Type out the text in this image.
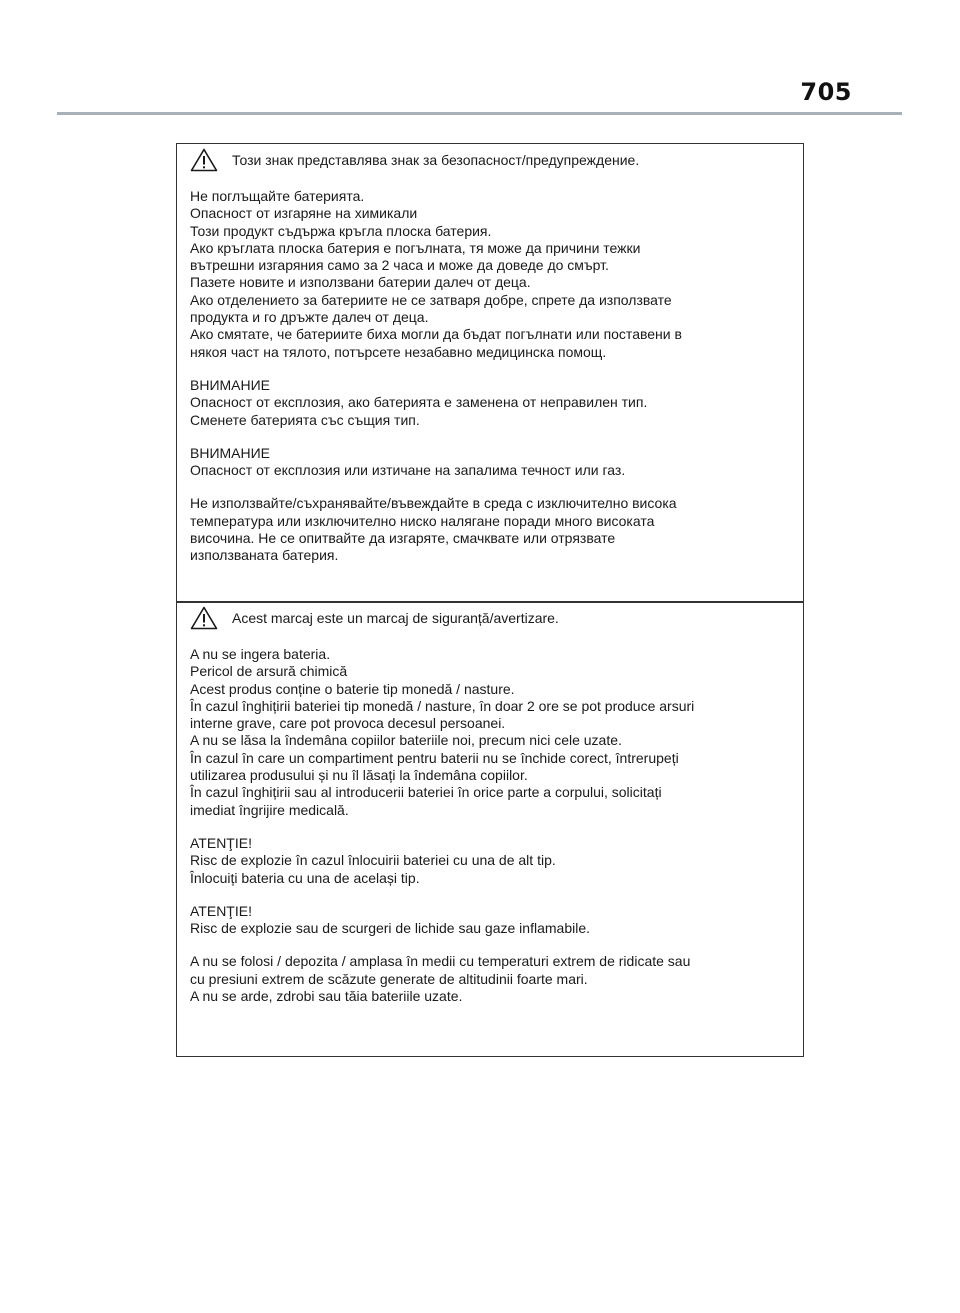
705
Този знак представлява знак за безопасност/предупреждение.

Не поглъщайте батерията.
Опасност от изгаряне на химикали
Този продукт съдържа кръгла плоска батерия.
Ако кръглата плоска батерия е погълната, тя може да причини тежки
вътрешни изгаряния само за 2 часа и може да доведе до смърт.
Пазете новите и използвани батерии далеч от деца.
Ако отделението за батериите не се затваря добре, спрете да използвате
продукта и го дръжте далеч от деца.
Ако смятате, че батериите биха могли да бъдат погълнати или поставени в
някоя част на тялото, потърсете незабавно медицинска помощ.

ВНИМАНИЕ

Опасност от експлозия, ако батерията е заменена от неправилен тип.
Сменете батерията със същия тип.

ВНИМАНИЕ

Опасност от експлозия или изтичане на запалима течност или газ.

Не използвайте/съхранявайте/въвеждайте в среда с изключително висока
температура или изключително ниско налягане поради много високата
височина. Не се опитвайте да изгаряте, смачквате или отрязвате
използваната батерия.

Acest marcaj este un marcaj de siguranță/avertizare.

A nu se ingera bateria.
Pericol de arsură chimică
Acest produs conține o baterie tip monedă / nasture.
În cazul înghițirii bateriei tip monedă / nasture, în doar 2 ore se pot produce arsuri
interne grave, care pot provoca decesul persoanei.
A nu se lăsa la îndemâna copiilor bateriile noi, precum nici cele uzate.
În cazul în care un compartiment pentru baterii nu se închide corect, întrerupeți
utilizarea produsului și nu îl lăsați la îndemâna copiilor.
În cazul înghițirii sau al introducerii bateriei în orice parte a corpului, solicitați
imediat îngrijire medicală.

ATENŢIE!

Risc de explozie în cazul înlocuirii bateriei cu una de alt tip.
Înlocuiți bateria cu una de același tip.

ATENŢIE!

Risc de explozie sau de scurgeri de lichide sau gaze inflamabile.

A nu se folosi / depozita / amplasa în medii cu temperaturi extrem de ridicate sau
cu presiuni extrem de scăzute generate de altitudinii foarte mari.
A nu se arde, zdrobi sau tăia bateriile uzate.
